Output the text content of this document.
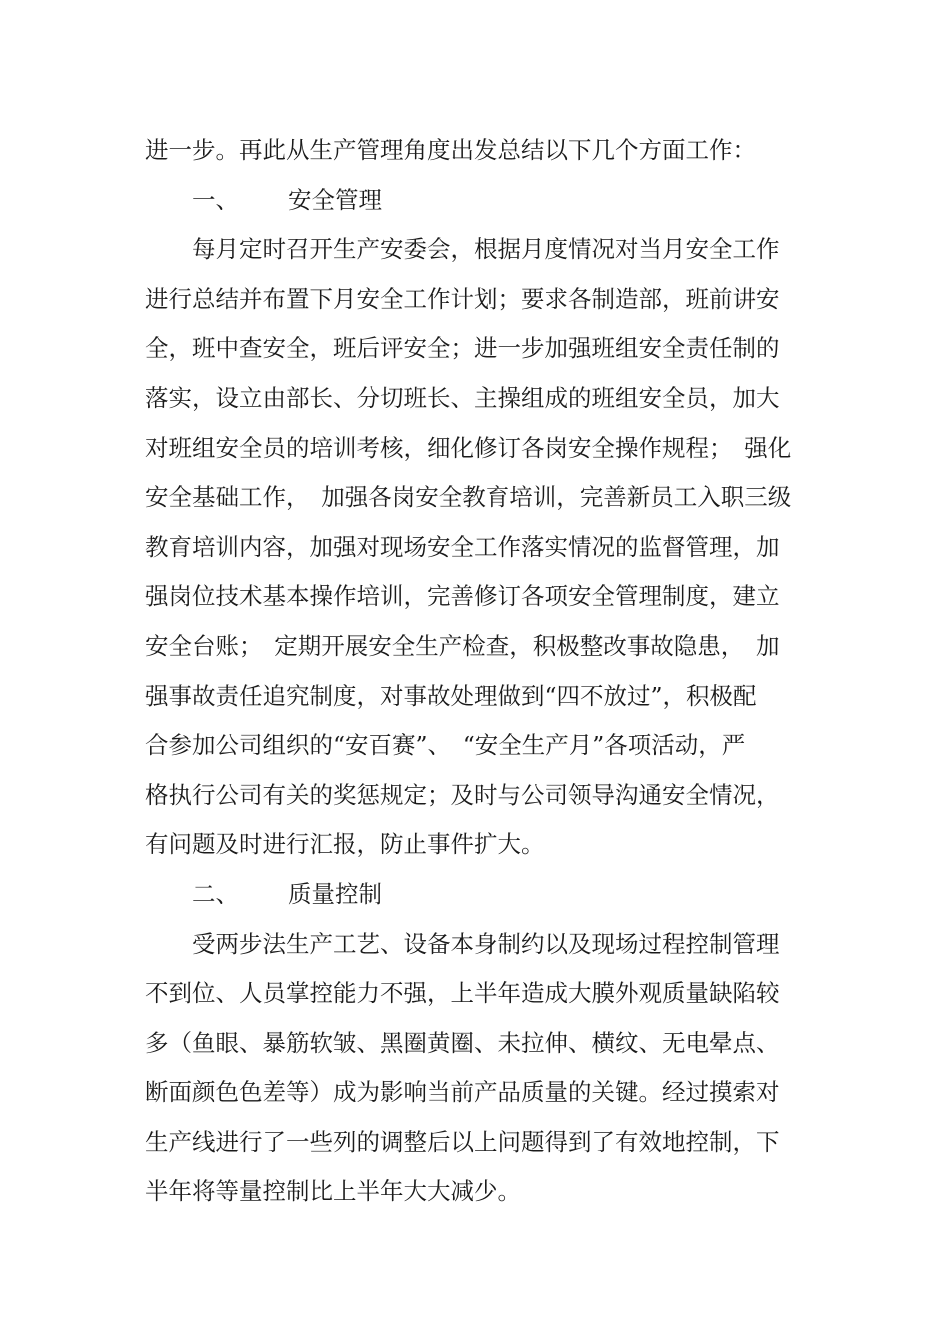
进一步。再此从生产管理角度出发总结以下几个方面工作：
一、 安全管理
　　每月定时召开生产安委会，根据月度情况对当月安全工作
进行总结并布置下月安全工作计划；要求各制造部，班前讲安
全，班中查安全，班后评安全；进一步加强班组安全责任制的
落实，设立由部长、分切班长、主操组成的班组安全员，加大
对班组安全员的培训考核，细化修订各岗安全操作规程；　强化
安全基础工作，　加强各岗安全教育培训，完善新员工入职三级
教育培训内容，加强对现场安全工作落实情况的监督管理，加
强岗位技术基本操作培训，完善修订各项安全管理制度，建立
安全台账；　定期开展安全生产检查，积极整改事故隐患，　加
强事故责任追究制度，对事故处理做到“四不放过”，积极配
合参加公司组织的“安百赛”、　“安全生产月”各项活动，严
格执行公司有关的奖惩规定；及时与公司领导沟通安全情况，
有问题及时进行汇报，防止事件扩大。
二、 质量控制
　　受两步法生产工艺、设备本身制约以及现场过程控制管理
不到位、人员掌控能力不强，上半年造成大膜外观质量缺陷较
多（鱼眼、暴筋软皱、黑圈黄圈、未拉伸、横纹、无电晕点、
断面颜色色差等）成为影响当前产品质量的关键。经过摸索对
生产线进行了一些列的调整后以上问题得到了有效地控制，下
半年将等量控制比上半年大大减少。
